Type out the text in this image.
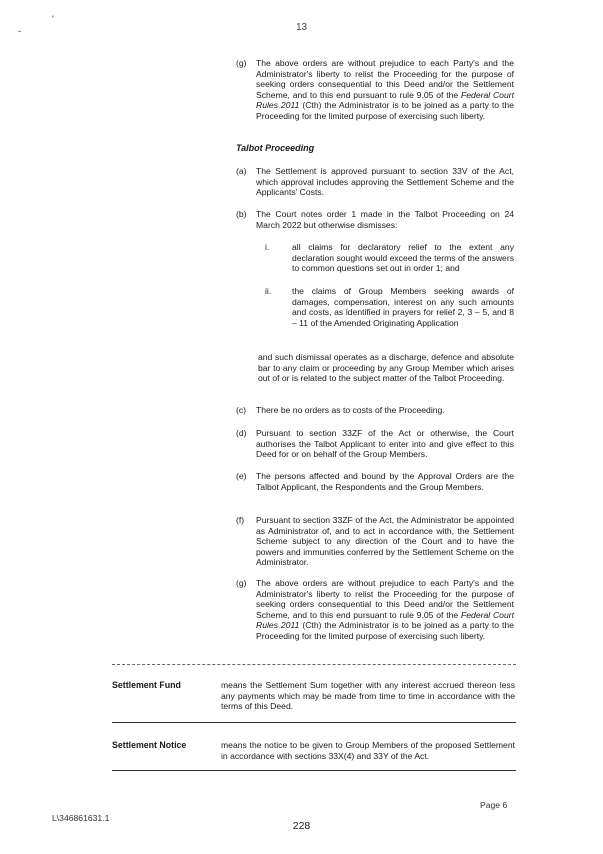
'
-	13
(g)	The above orders are without prejudice to each Party's and the Administrator's liberty to relist the Proceeding for the purpose of seeking orders consequential to this Deed and/or the Settlement Scheme, and to this end pursuant to rule 9.05 of the Federal Court Rules 2011 (Cth) the Administrator is to be joined as a party to the Proceeding for the limited purpose of exercising such liberty.
Talbot Proceeding
(a)	The Settlement is approved pursuant to section 33V of the Act, which approval includes approving the Settlement Scheme and the Applicants' Costs.
(b)	The Court notes order 1 made in the Talbot Proceeding on 24 March 2022 but otherwise dismisses:
i.	all claims for declaratory relief to the extent any declaration sought would exceed the terms of the answers to common questions set out in order 1; and
ii.	the claims of Group Members seeking awards of damages, compensation, interest on any such amounts and costs, as identified in prayers for relief 2, 3 – 5, and 8 – 11 of the Amended Originating Application
and such dismissal operates as a discharge, defence and absolute bar to any claim or proceeding by any Group Member which arises out of or is related to the subject matter of the Talbot Proceeding.
(c)	There be no orders as to costs of the Proceeding.
(d)	Pursuant to section 33ZF of the Act or otherwise, the Court authorises the Talbot Applicant to enter into and give effect to this Deed for or on behalf of the Group Members.
(e)	The persons affected and bound by the Approval Orders are the Talbot Applicant, the Respondents and the Group Members.
(f)	Pursuant to section 33ZF of the Act, the Administrator be appointed as Administrator of, and to act in accordance with, the Settlement Scheme subject to any direction of the Court and to have the powers and immunities conferred by the Settlement Scheme on the Administrator.
(g)	The above orders are without prejudice to each Party's and the Administrator's liberty to relist the Proceeding for the purpose of seeking orders consequential to this Deed and/or the Settlement Scheme, and to this end pursuant to rule 9.05 of the Federal Court Rules 2011 (Cth) the Administrator is to be joined as a party to the Proceeding for the limited purpose of exercising such liberty.
Settlement Fund	means the Settlement Sum together with any interest accrued thereon less any payments which may be made from time to time in accordance with the terms of this Deed.
Settlement Notice	means the notice to be given to Group Members of the proposed Settlement in accordance with sections 33X(4) and 33Y of the Act.
Page 6
L\346861631.1
228
